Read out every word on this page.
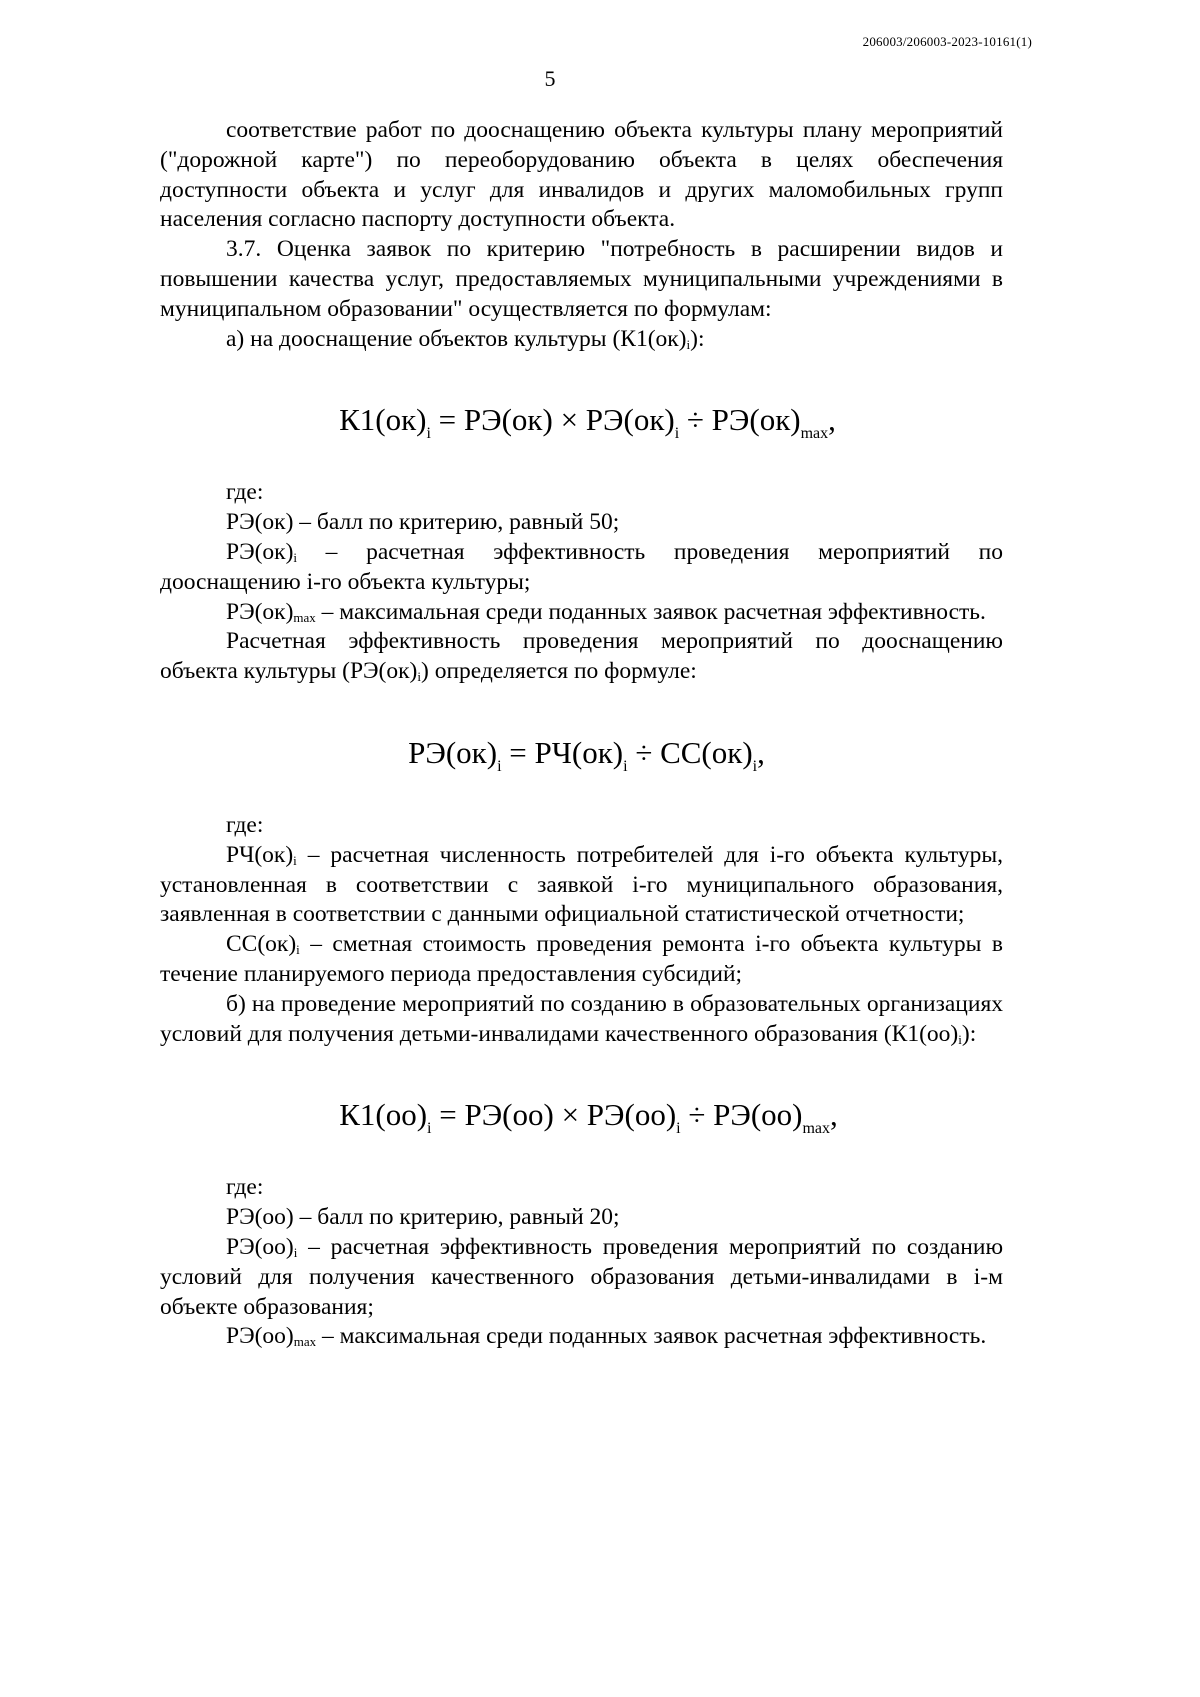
206003/206003-2023-10161(1)
5

соответствие работ по дооснащению объекта культуры плану мероприятий ("дорожной карте") по переоборудованию объекта в целях обеспечения доступности объекта и услуг для инвалидов и других маломобильных групп населения согласно паспорту доступности объекта.

3.7. Оценка заявок по критерию "потребность в расширении видов и повышении качества услуг, предоставляемых муниципальными учреждениями в муниципальном образовании" осуществляется по формулам:

а) на дооснащение объектов культуры $(К1(ок)_i)$:

$К1(ок)_i = РЭ(ок) \times РЭ(ок)_i \div РЭ(ок)_{max}$,

где:

РЭ(ок) – балл по критерию, равный 50;

$РЭ(ок)_i$ – расчетная эффективность проведения мероприятий по дооснащению i-го объекта культуры;

$РЭ(ок)_{max}$ – максимальная среди поданных заявок расчетная эффективность.

Расчетная эффективность проведения мероприятий по дооснащению объекта культуры $(РЭ(ок)_i)$ определяется по формуле:

$РЭ(ок)_i = РЧ(ок)_i \div СС(ок)_i$,

где:

$РЧ(ок)_i$ – расчетная численность потребителей для i-го объекта культуры, установленная в соответствии с заявкой i-го муниципального образования, заявленная в соответствии с данными официальной статистической отчетности;

$СС(ок)_i$ – сметная стоимость проведения ремонта i-го объекта культуры в течение планируемого периода предоставления субсидий;

б) на проведение мероприятий по созданию в образовательных организациях условий для получения детьми-инвалидами качественного образования $(К1(оо)_i)$:

$К1(оо)_i = РЭ(оо) \times РЭ(оо)_i \div РЭ(оо)_{max}$,

где:

РЭ(оо) – балл по критерию, равный 20;

$РЭ(оо)_i$ – расчетная эффективность проведения мероприятий по созданию условий для получения качественного образования детьми-инвалидами в i-м объекте образования;

$РЭ(оо)_{max}$ – максимальная среди поданных заявок расчетная эффективность.
